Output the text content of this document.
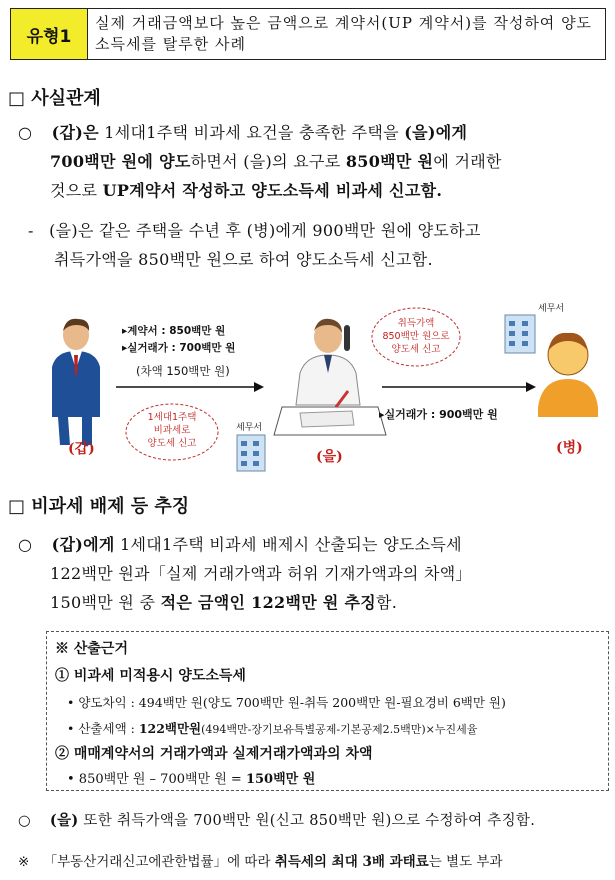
유형1
실제 거래금액보다 높은 금액으로 계약서(UP 계약서)를 작성하여 양도소득세를 탈루한 사례
□ 사실관계
○ (갑)은 1세대1주택 비과세 요건을 충족한 주택을 (을)에게
700백만 원에 양도하면서 (을)의 요구로 850백만 원에 거래한
것으로 UP계약서 작성하고 양도소득세 비과세 신고함.
- (을)은 같은 주택을 수년 후 (병)에게 900백만 원에 양도하고
취득가액을 850백만 원으로 하여 양도소득세 신고함.
▸계약서 : 850백만 원
▸실거래가 : 700백만 원
(차액 150백만 원)
▸실거래가 : 900백만 원
1세대1주택
비과세로
양도세 신고
취득가액
850백만 원으로
양도세 신고
세무서
세무서
(갑)	(을)
(병)
□ 비과세 배제 등 추징
○ (갑)에게 1세대1주택 비과세 배제시 산출되는 양도소득세
122백만 원과「실제 거래가액과 허위 기재가액과의 차액」
150백만 원 중 적은 금액인 122백만 원 추징함.
※ 산출근거
① 비과세 미적용시 양도소득세
• 양도차익 : 494백만 원(양도 700백만 원-취득 200백만 원-필요경비 6백만 원)
• 산출세액 : 122백만원(494백만-장기보유특별공제-기본공제2.5백만)×누진세율
② 매매계약서의 거래가액과 실제거래가액과의 차액
• 850백만 원 – 700백만 원 = 150백만 원
○ (을) 또한 취득가액을 700백만 원(신고 850백만 원)으로 수정하여 추징함.
※ 「부동산거래신고에관한법률」에 따라 취득세의 최대 3배 과태료는 별도 부과
